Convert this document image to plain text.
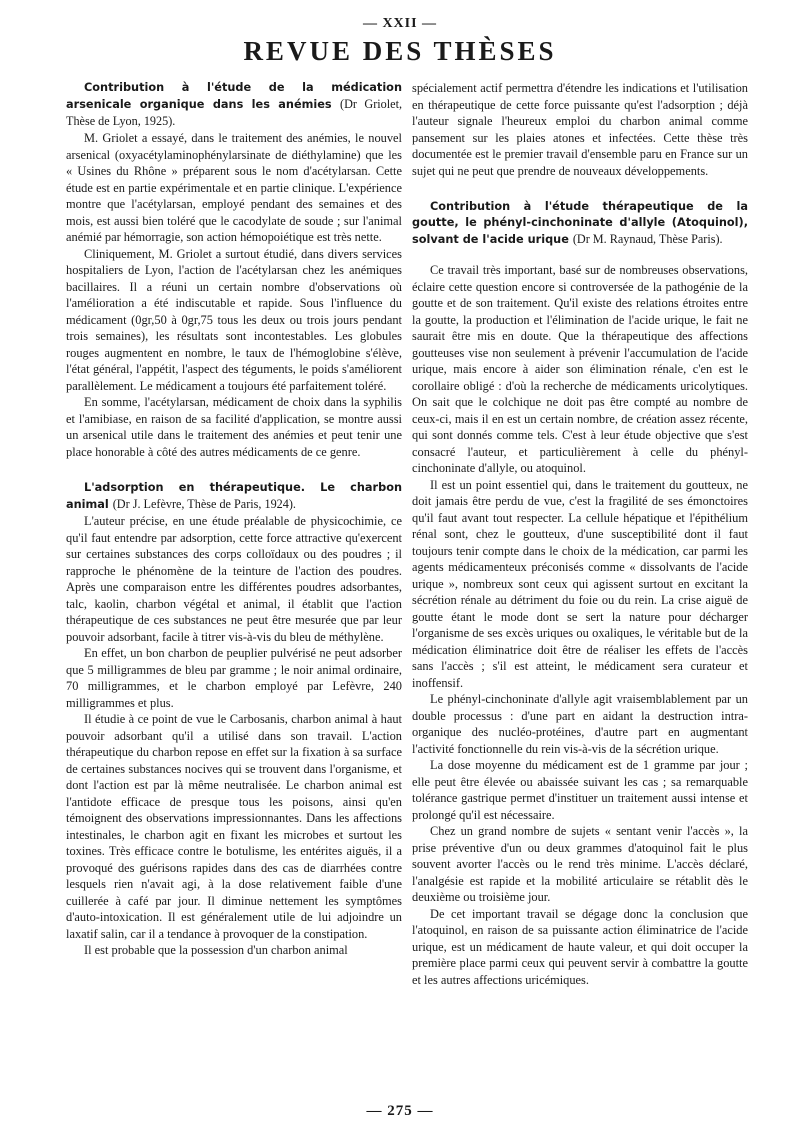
— XXII —
REVUE DES THÈSES

Contribution à l'étude de la médication arsenicale organique dans les anémies (Dr Griolet, Thèse de Lyon, 1925).

M. Griolet a essayé, dans le traitement des anémies, le nouvel arsenical (oxyacétylaminophénylarsinate de diéthylamine) que les « Usines du Rhône » préparent sous le nom d'acétylarsan. Cette étude est en partie expérimentale et en partie clinique. L'expérience montre que l'acétylarsan, employé pendant des semaines et des mois, est aussi bien toléré que le cacodylate de soude ; sur l'animal anémié par hémorragie, son action hémopoiétique est très nette.

Cliniquement, M. Griolet a surtout étudié, dans divers services hospitaliers de Lyon, l'action de l'acétylarsan chez les anémiques bacillaires. Il a réuni un certain nombre d'observations où l'amélioration a été indiscutable et rapide. Sous l'influence du médicament (0gr,50 à 0gr,75 tous les deux ou trois jours pendant trois semaines), les résultats sont incontestables. Les globules rouges augmentent en nombre, le taux de l'hémoglobine s'élève, l'état général, l'appétit, l'aspect des téguments, le poids s'améliorent parallèlement. Le médicament a toujours été parfaitement toléré.

En somme, l'acétylarsan, médicament de choix dans la syphilis et l'amibiase, en raison de sa facilité d'application, se montre aussi un arsenical utile dans le traitement des anémies et peut tenir une place honorable à côté des autres médicaments de ce genre.

L'adsorption en thérapeutique. Le charbon animal (Dr J. Lefèvre, Thèse de Paris, 1924).

L'auteur précise, en une étude préalable de physicochimie, ce qu'il faut entendre par adsorption, cette force attractive qu'exercent sur certaines substances des corps colloïdaux ou des poudres ; il rapproche le phénomène de la teinture de l'action des poudres. Après une comparaison entre les différentes poudres adsorbantes, talc, kaolin, charbon végétal et animal, il établit que l'action thérapeutique de ces substances ne peut être mesurée que par leur pouvoir adsorbant, facile à titrer vis-à-vis du bleu de méthylène.

En effet, un bon charbon de peuplier pulvérisé ne peut adsorber que 5 milligrammes de bleu par gramme ; le noir animal ordinaire, 70 milligrammes, et le charbon employé par Lefèvre, 240 milligrammes et plus.

Il étudie à ce point de vue le Carbosanis, charbon animal à haut pouvoir adsorbant qu'il a utilisé dans son travail. L'action thérapeutique du charbon repose en effet sur la fixation à sa surface de certaines substances nocives qui se trouvent dans l'organisme, et dont l'action est par là même neutralisée. Le charbon animal est l'antidote efficace de presque tous les poisons, ainsi qu'en témoignent des observations impressionnantes. Dans les affections intestinales, le charbon agit en fixant les microbes et surtout les toxines. Très efficace contre le botulisme, les entérites aiguës, il a provoqué des guérisons rapides dans des cas de diarrhées contre lesquels rien n'avait agi, à la dose relativement faible d'une cuillerée à café par jour. Il diminue nettement les symptômes d'auto-intoxication. Il est généralement utile de lui adjoindre un laxatif salin, car il a tendance à provoquer de la constipation.

Il est probable que la possession d'un charbon animal

spécialement actif permettra d'étendre les indications et l'utilisation en thérapeutique de cette force puissante qu'est l'adsorption ; déjà l'auteur signale l'heureux emploi du charbon animal comme pansement sur les plaies atones et infectées. Cette thèse très documentée est le premier travail d'ensemble paru en France sur un sujet qui ne peut que prendre de nouveaux développements.

Contribution à l'étude thérapeutique de la goutte, le phényl-cinchoninate d'allyle (Atoquinol), solvant de l'acide urique (Dr M. Raynaud, Thèse Paris).

Ce travail très important, basé sur de nombreuses observations, éclaire cette question encore si controversée de la pathogénie de la goutte et de son traitement. Qu'il existe des relations étroites entre la goutte, la production et l'élimination de l'acide urique, le fait ne saurait être mis en doute. Que la thérapeutique des affections goutteuses vise non seulement à prévenir l'accumulation de l'acide urique, mais encore à aider son élimination rénale, c'en est le corollaire obligé : d'où la recherche de médicaments uricolytiques. On sait que le colchique ne doit pas être compté au nombre de ceux-ci, mais il en est un certain nombre, de création assez récente, qui sont donnés comme tels. C'est à leur étude objective que s'est consacré l'auteur, et particulièrement à celle du phényl-cinchoninate d'allyle, ou atoquinol.

Il est un point essentiel qui, dans le traitement du goutteux, ne doit jamais être perdu de vue, c'est la fragilité de ses émonctoires qu'il faut avant tout respecter. La cellule hépatique et l'épithélium rénal sont, chez le goutteux, d'une susceptibilité dont il faut toujours tenir compte dans le choix de la médication, car parmi les agents médicamenteux préconisés comme « dissolvants de l'acide urique », nombreux sont ceux qui agissent surtout en excitant la sécrétion rénale au détriment du foie ou du rein. La crise aiguë de goutte étant le mode dont se sert la nature pour décharger l'organisme de ses excès uriques ou oxaliques, le véritable but de la médication éliminatrice doit être de réaliser les effets de l'accès sans l'accès ; s'il est atteint, le médicament sera curateur et inoffensif.

Le phényl-cinchoninate d'allyle agit vraisemblablement par un double processus : d'une part en aidant la destruction intra-organique des nucléo-protéines, d'autre part en augmentant l'activité fonctionnelle du rein vis-à-vis de la sécrétion urique.

La dose moyenne du médicament est de 1 gramme par jour ; elle peut être élevée ou abaissée suivant les cas ; sa remarquable tolérance gastrique permet d'instituer un traitement aussi intense et prolongé qu'il est nécessaire.

Chez un grand nombre de sujets « sentant venir l'accès », la prise préventive d'un ou deux grammes d'atoquinol fait le plus souvent avorter l'accès ou le rend très minime. L'accès déclaré, l'analgésie est rapide et la mobilité articulaire se rétablit dès le deuxième ou troisième jour.

De cet important travail se dégage donc la conclusion que l'atoquinol, en raison de sa puissante action éliminatrice de l'acide urique, est un médicament de haute valeur, et qui doit occuper la première place parmi ceux qui peuvent servir à combattre la goutte et les autres affections uricémiques.

— 275 —
